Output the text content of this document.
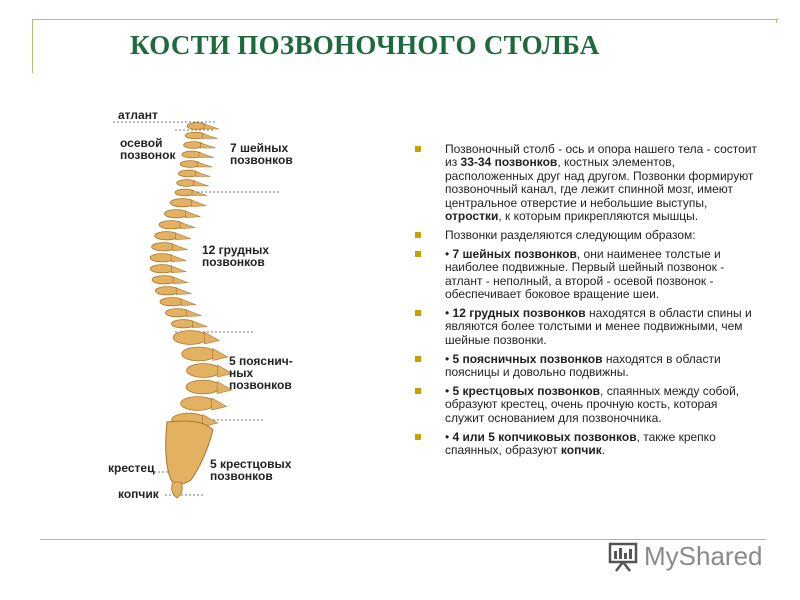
КОСТИ ПОЗВОНОЧНОГО СТОЛБА
атлант
осевой
позвонок	7 шейных
позвонков
12 грудных
позвонков
5 пояснич-
ных
позвонков
крестец	5 крестцовых
позвонков
копчик
Позвоночный столб - ось и опора нашего тела - состоит из 33-34 позвонков, костных элементов, расположенных друг над другом. Позвонки формируют позвоночный канал, где лежит спинной мозг, имеют центральное отверстие и небольшие выступы, отростки, к которым прикрепляются мышцы.
Позвонки разделяются следующим образом:
• 7 шейных позвонков, они наименее толстые и наиболее подвижные. Первый шейный позвонок - атлант - неполный, а второй - осевой позвонок - обеспечивает боковое вращение шеи.
• 12 грудных позвонков находятся в области спины и являются более толстыми и менее подвижными, чем шейные позвонки.
• 5 поясничных позвонков находятся в области поясницы и довольно подвижны.
• 5 крестцовых позвонков, спаянных между собой, образуют крестец, очень прочную кость, которая служит основанием для позвоночника.
• 4 или 5 копчиковых позвонков, также крепко спаянных, образуют копчик.
MyShared
